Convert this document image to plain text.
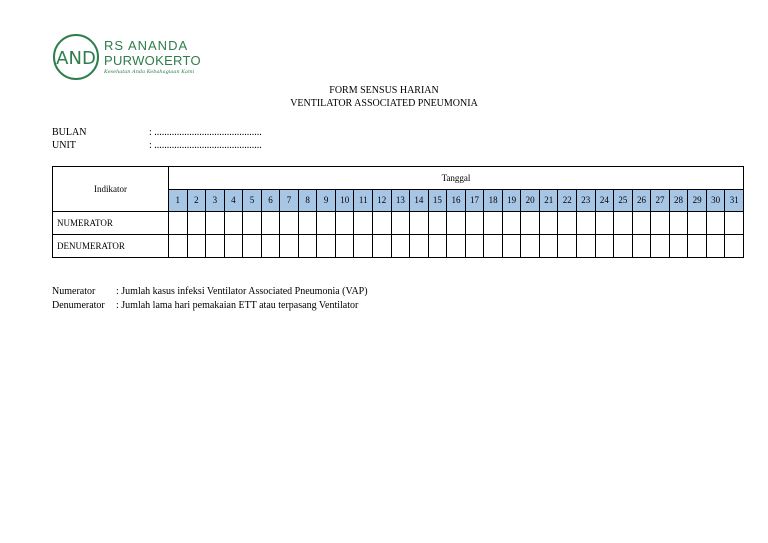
AND
RS ANANDA
PURWOKERTO
Kesehatan Anda Kebahagiaan Kami
FORM SENSUS HARIAN
VENTILATOR ASSOCIATED PNEUMONIA
BULAN	: ...........................................
UNIT	: ...........................................
Indikator	Tanggal																														
	1	2	3	4	5	6	7	8	9	10	11	12	13	14	15	16	17	18	19	20	21	22	23	24	25	26	27	28	29	30	31
NUMERATOR																															
DENUMERATOR																															
Numerator	: Jumlah kasus infeksi Ventilator Associated Pneumonia (VAP)
Denumerator	: Jumlah lama hari pemakaian ETT atau terpasang Ventilator
